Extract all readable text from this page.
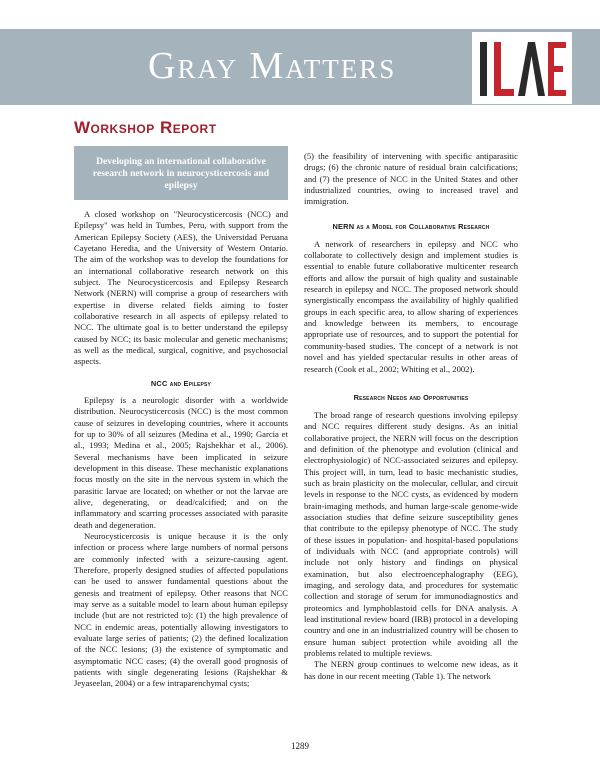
Gray Matters
Workshop Report
Developing an international collaborative research network in neurocysticercosis and epilepsy

A closed workshop on "Neurocysticercosis (NCC) and Epilepsy" was held in Tumbes, Peru, with support from the American Epilepsy Society (AES), the Universidad Peruana Cayetano Heredia, and the University of Western Ontario. The aim of the workshop was to develop the foundations for an international collaborative research network on this subject. The Neurocysticercosis and Epilepsy Research Network (NERN) will comprise a group of researchers with expertise in diverse related fields aiming to foster collaborative research in all aspects of epilepsy related to NCC. The ultimate goal is to better understand the epilepsy caused by NCC; its basic molecular and genetic mechanisms; as well as the medical, surgical, cognitive, and psychosocial aspects.

NCC and Epilepsy

Epilepsy is a neurologic disorder with a worldwide distribution. Neurocysticercosis (NCC) is the most common cause of seizures in developing countries, where it accounts for up to 30% of all seizures (Medina et al., 1990; Garcia et al., 1993; Medina et al., 2005; Rajshekhar et al., 2006). Several mechanisms have been implicated in seizure development in this disease. These mechanistic explanations focus mostly on the site in the nervous system in which the parasitic larvae are located; on whether or not the larvae are alive, degenerating, or dead/calcified; and on the inflammatory and scarring processes associated with parasite death and degeneration.

Neurocysticercosis is unique because it is the only infection or process where large numbers of normal persons are commonly infected with a seizure-causing agent. Therefore, properly designed studies of affected populations can be used to answer fundamental questions about the genesis and treatment of epilepsy. Other reasons that NCC may serve as a suitable model to learn about human epilepsy include (but are not restricted to): (1) the high prevalence of NCC in endemic areas, potentially allowing investigators to evaluate large series of patients; (2) the defined localization of the NCC lesions; (3) the existence of symptomatic and asymptomatic NCC cases; (4) the overall good prognosis of patients with single degenerating lesions (Rajshekhar & Jeyaseelan, 2004) or a few intraparenchymal cysts;

(5) the feasibility of intervening with specific antiparasitic drugs; (6) the chronic nature of residual brain calcifications; and (7) the presence of NCC in the United States and other industrialized countries, owing to increased travel and immigration.

NERN as a Model for Collaborative Research

A network of researchers in epilepsy and NCC who collaborate to collectively design and implement studies is essential to enable future collaborative multicenter research efforts and allow the pursuit of high quality and sustainable research in epilepsy and NCC. The proposed network should synergistically encompass the availability of highly qualified groups in each specific area, to allow sharing of experiences and knowledge between its members, to encourage appropriate use of resources, and to support the potential for community-based studies. The concept of a network is not novel and has yielded spectacular results in other areas of research (Cook et al., 2002; Whiting et al., 2002).

Research Needs and Opportunities

The broad range of research questions involving epilepsy and NCC requires different study designs. As an initial collaborative project, the NERN will focus on the description and definition of the phenotype and evolution (clinical and electrophysiologic) of NCC-associated seizures and epilepsy. This project will, in turn, lead to basic mechanistic studies, such as brain plasticity on the molecular, cellular, and circuit levels in response to the NCC cysts, as evidenced by modern brain-imaging methods, and human large-scale genome-wide association studies that define seizure susceptibility genes that contribute to the epilepsy phenotype of NCC. The study of these issues in population- and hospital-based populations of individuals with NCC (and appropriate controls) will include not only history and findings on physical examination, but also electroencephalography (EEG), imaging, and serology data, and procedures for systematic collection and storage of serum for immunodiagnostics and proteomics and lymphoblastoid cells for DNA analysis. A lead institutional review board (IRB) protocol in a developing country and one in an industrialized country will be chosen to ensure human subject protection while avoiding all the problems related to multiple reviews.

The NERN group continues to welcome new ideas, as it has done in our recent meeting (Table 1). The network

1289
